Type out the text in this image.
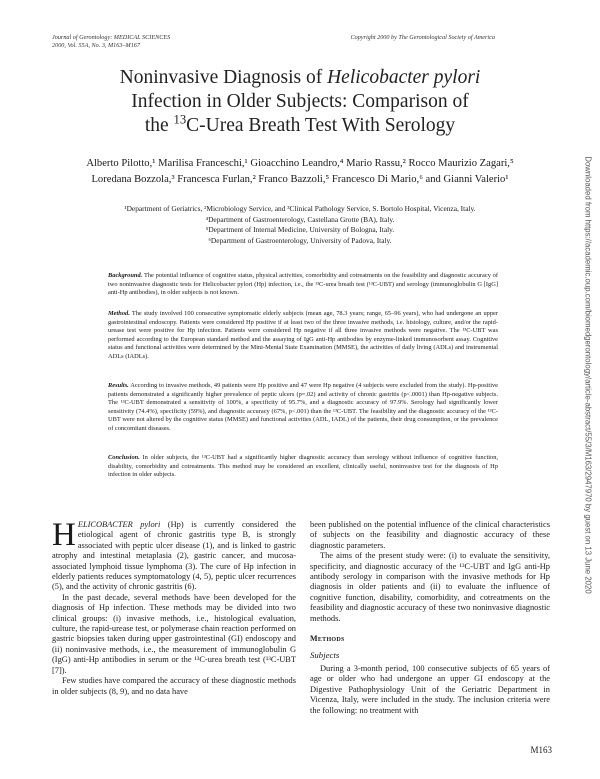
Journal of Gerontology: MEDICAL SCIENCES
2000, Vol. 55A, No. 3, M163–M167
Copyright 2000 by The Gerontological Society of America
Noninvasive Diagnosis of Helicobacter pylori
Infection in Older Subjects: Comparison of
the $^{13}$C-Urea Breath Test With Serology
Alberto Pilotto,¹ Marilisa Franceschi,¹ Gioacchino Leandro,⁴ Mario Rassu,² Rocco Maurizio Zagari,⁵
Loredana Bozzola,³ Francesca Furlan,² Franco Bazzoli,⁵ Francesco Di Mario,⁶ and Gianni Valerio¹
¹Department of Geriatrics, ²Microbiology Service, and ³Clinical Pathology Service, S. Bortolo Hospital, Vicenza, Italy.
⁴Department of Gastroenterology, Castellana Grotte (BA), Italy.
⁵Department of Internal Medicine, University of Bologna, Italy.
⁶Department of Gastroenterology, University of Padova, Italy.
Background. The potential influence of cognitive status, physical activities, comorbidity and cotreatments on the feasibility and diagnostic accuracy of two noninvasive diagnostic tests for Helicobacter pylori (Hp) infection, i.e., the ¹³C-urea breath test (¹³C-UBT) and serology (immunoglobulin G [IgG] anti-Hp antibodies), in older subjects is not known.
Method. The study involved 100 consecutive symptomatic elderly subjects (mean age, 78.3 years; range, 65–96 years), who had undergone an upper gastrointestinal endoscopy. Patients were considered Hp positive if at least two of the three invasive methods, i.e. histology, culture, and/or the rapid-urease test were positive for Hp infection. Patients were considered Hp negative if all three invasive methods were negative. The ¹³C-UBT was performed according to the European standard method and the assaying of IgG anti-Hp antibodies by enzyme-linked immunosorbent assay. Cognitive status and functional activities were determined by the Mini-Mental State Examination (MMSE), the activities of daily living (ADLs) and instrumental ADLs (IADLs).
Results. According to invasive methods, 49 patients were Hp positive and 47 were Hp negative (4 subjects were excluded from the study). Hp-positive patients demonstrated a significantly higher prevalence of peptic ulcers (p=.02) and activity of chronic gastritis (p<.0001) than Hp-negative subjects. The ¹³C-UBT demonstrated a sensitivity of 100%, a specificity of 95.7%, and a diagnostic accuracy of 97.9%. Serology had significantly lower sensitivity (74.4%), specificity (59%), and diagnostic accuracy (67%, p<.001) than the ¹³C-UBT. The feasibility and the diagnostic accuracy of the ¹³C-UBT were not altered by the cognitive status (MMSE) and functional activities (ADL, IADL) of the patients, their drug consumption, or the prevalence of concomitant diseases.
Conclusion. In older subjects, the ¹³C-UBT had a significantly higher diagnostic accuracy than serology without influence of cognitive function, disability, comorbidity and cotreatments. This method may be considered an excellent, clinically useful, noninvasive test for the diagnosis of Hp infection in older subjects.

HELICOBACTER pylori (Hp) is currently considered the etiological agent of chronic gastritis type B, is strongly associated with peptic ulcer disease (1), and is linked to gastric atrophy and intestinal metaplasia (2), gastric cancer, and mucosa-associated lymphoid tissue lymphoma (3). The cure of Hp infection in elderly patients reduces symptomatology (4, 5), peptic ulcer recurrences (5), and the activity of chronic gastritis (6).

In the past decade, several methods have been developed for the diagnosis of Hp infection. These methods may be divided into two clinical groups: (i) invasive methods, i.e., histological evaluation, culture, the rapid-urease test, or polymerase chain reaction performed on gastric biopsies taken during upper gastrointestinal (GI) endoscopy and (ii) noninvasive methods, i.e., the measurement of immunoglobulin G (IgG) anti-Hp antibodies in serum or the ¹³C-urea breath test (¹³C-UBT [7]).

Few studies have compared the accuracy of these diagnostic methods in older subjects (8, 9), and no data have

been published on the potential influence of the clinical characteristics of subjects on the feasibility and diagnostic accuracy of these diagnostic parameters.

The aims of the present study were: (i) to evaluate the sensitivity, specificity, and diagnostic accuracy of the ¹³C-UBT and IgG anti-Hp antibody serology in comparison with the invasive methods for Hp diagnosis in older patients and (ii) to evaluate the influence of cognitive function, disability, comorbidity, and cotreatments on the feasibility and diagnostic accuracy of these two noninvasive diagnostic methods.

Methods
Subjects

During a 3-month period, 100 consecutive subjects of 65 years of age or older who had undergone an upper GI endoscopy at the Digestive Pathophysiology Unit of the Geriatric Department in Vicenza, Italy, were included in the study. The inclusion criteria were the following: no treatment with

M163
Downloaded from https://academic.oup.com/biomedgerontology/article-abstract/55/3/M163/2947970 by guest on 13 June 2020
